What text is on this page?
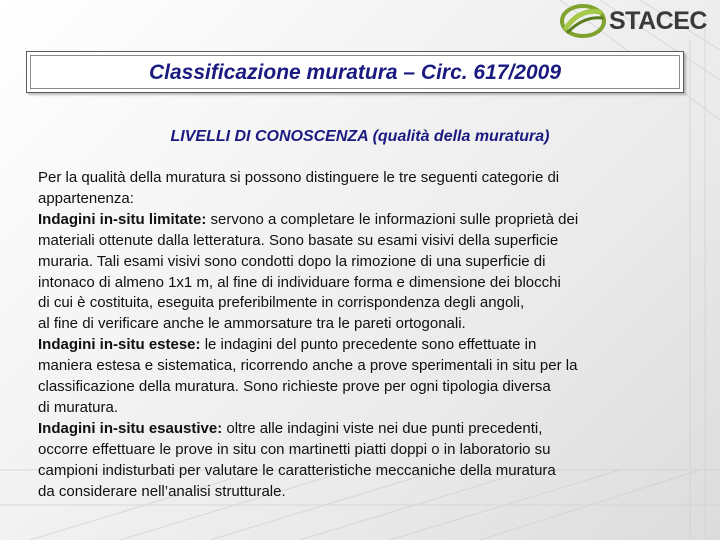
STACEC
Classificazione muratura – Circ. 617/2009
LIVELLI DI CONOSCENZA (qualità della muratura)
Per la qualità della muratura si possono distinguere le tre seguenti categorie di
appartenenza:
Indagini in-situ limitate: servono a completare le informazioni sulle proprietà dei
materiali ottenute dalla letteratura. Sono basate su esami visivi della superficie
muraria. Tali esami visivi sono condotti dopo la rimozione di una superficie di
intonaco di almeno 1x1 m, al fine di individuare forma e dimensione dei blocchi
di cui è costituita, eseguita preferibilmente in corrispondenza degli angoli,
al fine di verificare anche le ammorsature tra le pareti ortogonali.
Indagini in-situ estese: le indagini del punto precedente sono effettuate in
maniera estesa e sistematica, ricorrendo anche a prove sperimentali in situ per la
classificazione della muratura. Sono richieste prove per ogni tipologia diversa
di muratura.
Indagini in-situ esaustive: oltre alle indagini viste nei due punti precedenti,
occorre effettuare le prove in situ con martinetti piatti doppi o in laboratorio su
campioni indisturbati per valutare le caratteristiche meccaniche della muratura
da considerare nell’analisi strutturale.
